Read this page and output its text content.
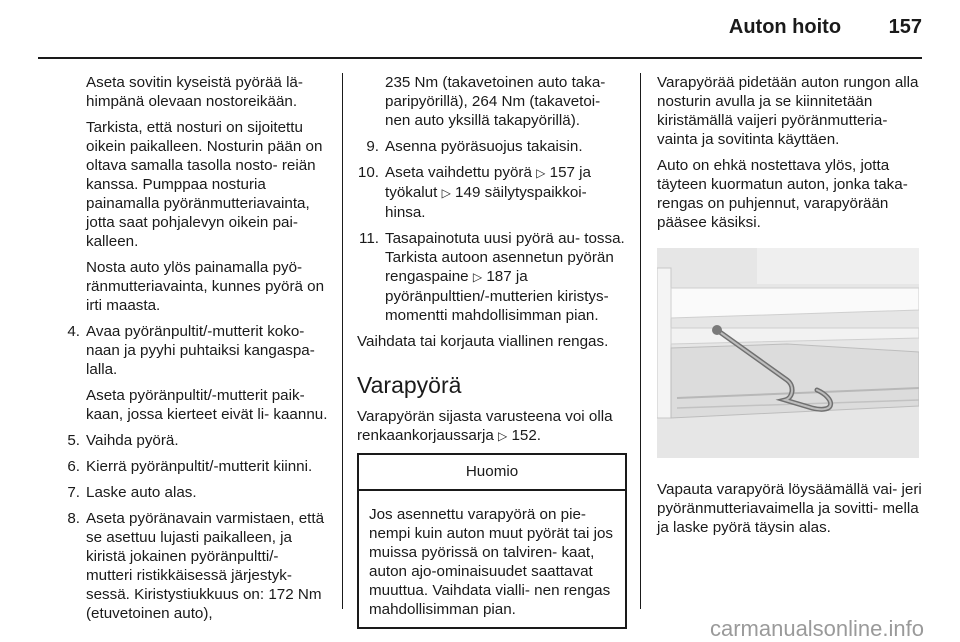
Auton hoito 157

Aseta sovitin kyseistä pyörää lä‑ himpänä olevaan nostoreikään.

Tarkista, että nosturi on sijoitettu oikein paikalleen. Nosturin pään on oltava samalla tasolla nosto‑ reiän kanssa. Pumppaa nosturia painamalla pyöränmutteriavainta, jotta saat pohjalevyn oikein pai‑ kalleen.

Nosta auto ylös painamalla pyö‑ ränmutteriavainta, kunnes pyörä on irti maasta.

4. Avaa pyöränpultit/-mutterit koko‑ naan ja pyyhi puhtaiksi kangaspa‑ lalla.

Aseta pyöränpultit/-mutterit paik‑ kaan, jossa kierteet eivät li‑ kaannu.

5. Vaihda pyörä.
6. Kierrä pyöränpultit/-mutterit kiinni.
7. Laske auto alas.
8. Aseta pyöränavain varmistaen, että se asettuu lujasti paikalleen, ja kiristä jokainen pyöränpultti/- mutteri ristikkäisessä järjestyk‑ sessä. Kiristystiukkuus on: 172 Nm (etuvetoinen auto),

235 Nm (takavetoinen auto taka‑ paripyörillä), 264 Nm (takavetoi‑ nen auto yksillä takapyörillä).

9. Asenna pyöräsuojus takaisin.
10. Aseta vaihdettu pyörä ▷ 157 ja työkalut ▷ 149 säilytyspaikkoi‑ hinsa.
11. Tasapainotuta uusi pyörä au‑ tossa. Tarkista autoon asennetun pyörän rengaspaine ▷ 187 ja pyöränpulttien/-mutterien kiristys‑ momentti mahdollisimman pian.

Vaihdata tai korjauta viallinen rengas.

Varapyörä

Varapyörän sijasta varusteena voi olla renkaankorjaussarja ▷ 152.

Huomio
Jos asennettu varapyörä on pie‑ nempi kuin auton muut pyörät tai jos muissa pyörissä on talviren‑ kaat, auton ajo-ominaisuudet saattavat muuttua. Vaihdata vialli‑ nen rengas mahdollisimman pian.

Varapyörää pidetään auton rungon alla nosturin avulla ja se kiinnitetään kiristämällä vaijeri pyöränmutteria‑ vainta ja sovitinta käyttäen.

Auto on ehkä nostettava ylös, jotta täyteen kuormatun auton, jonka taka‑ rengas on puhjennut, varapyörään pääsee käsiksi.

Vapauta varapyörä löysäämällä vai‑ jeri pyöränmutteriavaimella ja sovitti‑ mella ja laske pyörä täysin alas.

carmanualsonline.info
